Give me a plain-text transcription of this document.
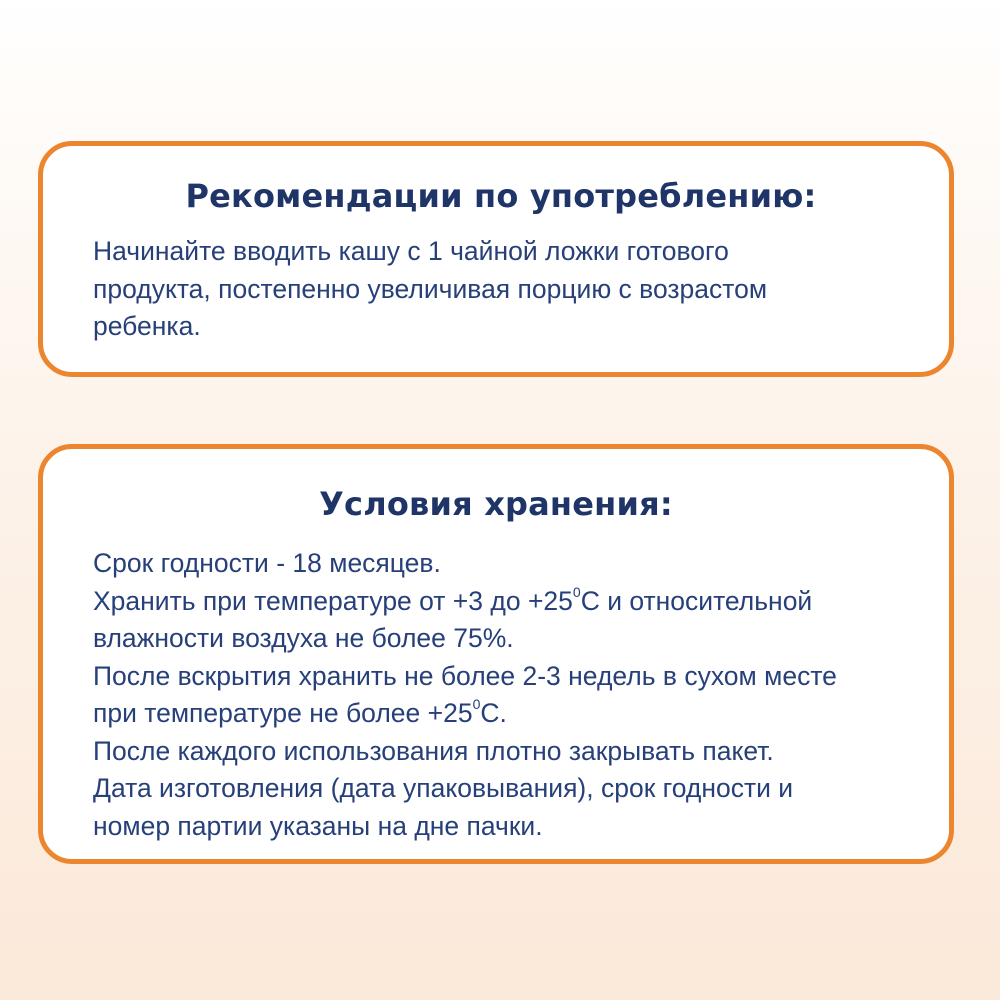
Рекомендации по употреблению:

Начинайте вводить кашу с 1 чайной ложки готового
продукта, постепенно увеличивая порцию с возрастом
ребенка.

Условия хранения:

Срок годности - 18 месяцев.
Хранить при температуре от +3 до $+25^0С$ и относительной
влажности воздуха не более 75%.
После вскрытия хранить не более 2-3 недель в сухом месте
при температуре не более $+25^0С$.
После каждого использования плотно закрывать пакет.
Дата изготовления (дата упаковывания), срок годности и
номер партии указаны на дне пачки.
